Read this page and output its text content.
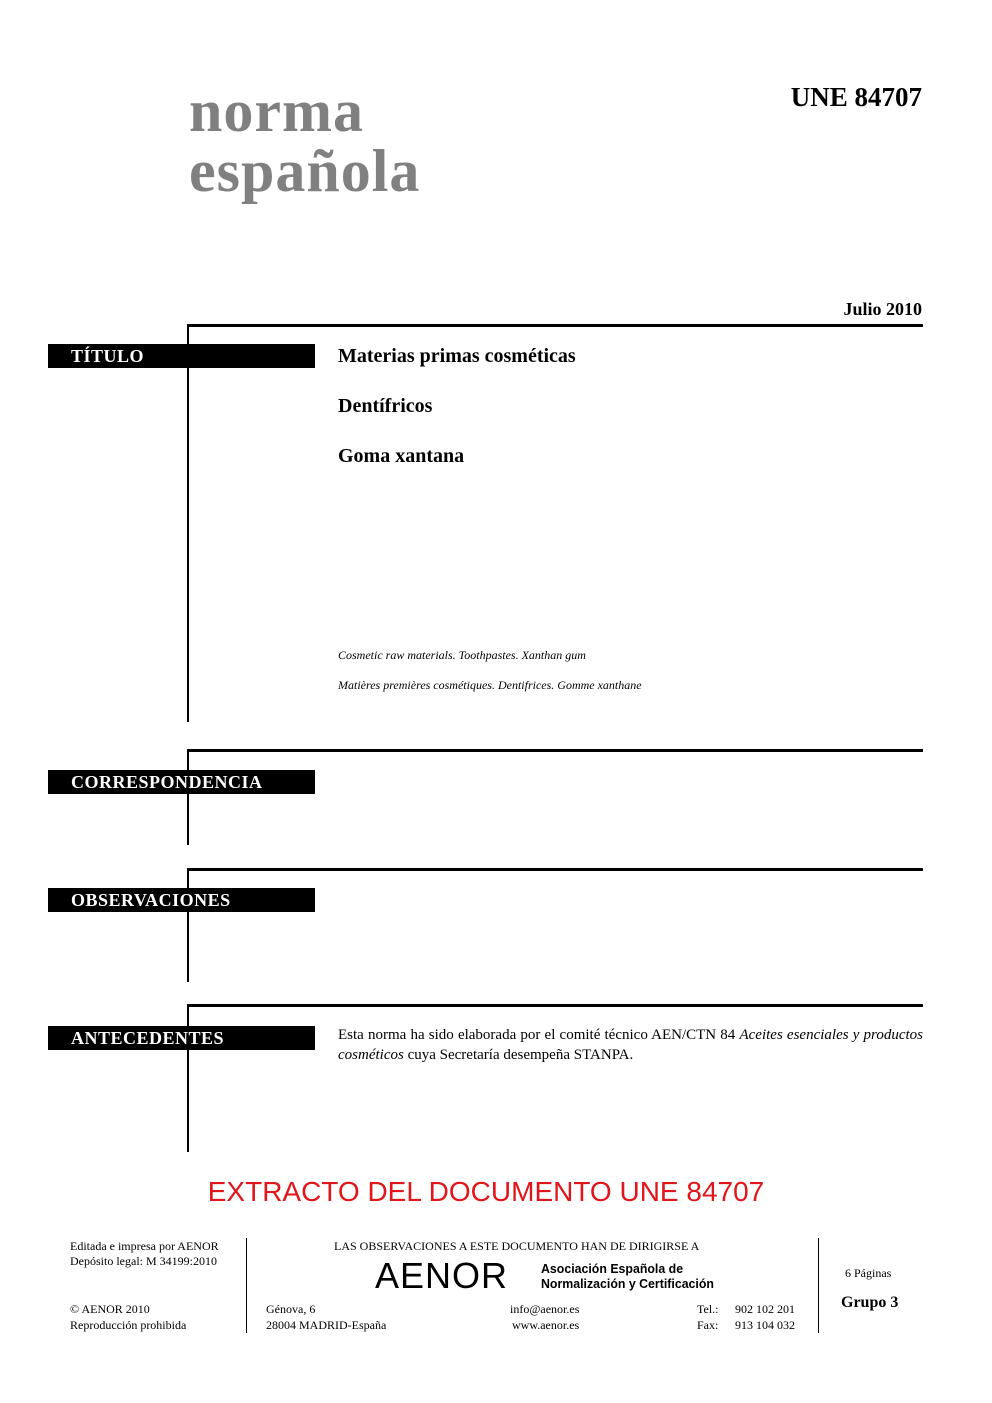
norma
española
UNE 84707
Julio 2010
TÍTULO	Materias primas cosméticas
Dentífricos
Goma xantana
Cosmetic raw materials. Toothpastes. Xanthan gum
Matières premières cosmétiques. Dentifrices. Gomme xanthane
CORRESPONDENCIA
OBSERVACIONES
ANTECEDENTES	Esta norma ha sido elaborada por el comité técnico AEN/CTN 84 Aceites esenciales y productos cosméticos cuya Secretaría desempeña STANPA.
EXTRACTO DEL DOCUMENTO UNE 84707
Editada e impresa por AENOR
Depósito legal: M 34199:2010
© AENOR 2010
Reproducción prohibida
LAS OBSERVACIONES A ESTE DOCUMENTO HAN DE DIRIGIRSE A
AENOR	Asociación Española de
Normalización y Certificación
Génova, 6
28004 MADRID-España
info@aenor.es
www.aenor.es
Tel.: 902 102 201
Fax: 913 104 032
6 Páginas
Grupo 3
